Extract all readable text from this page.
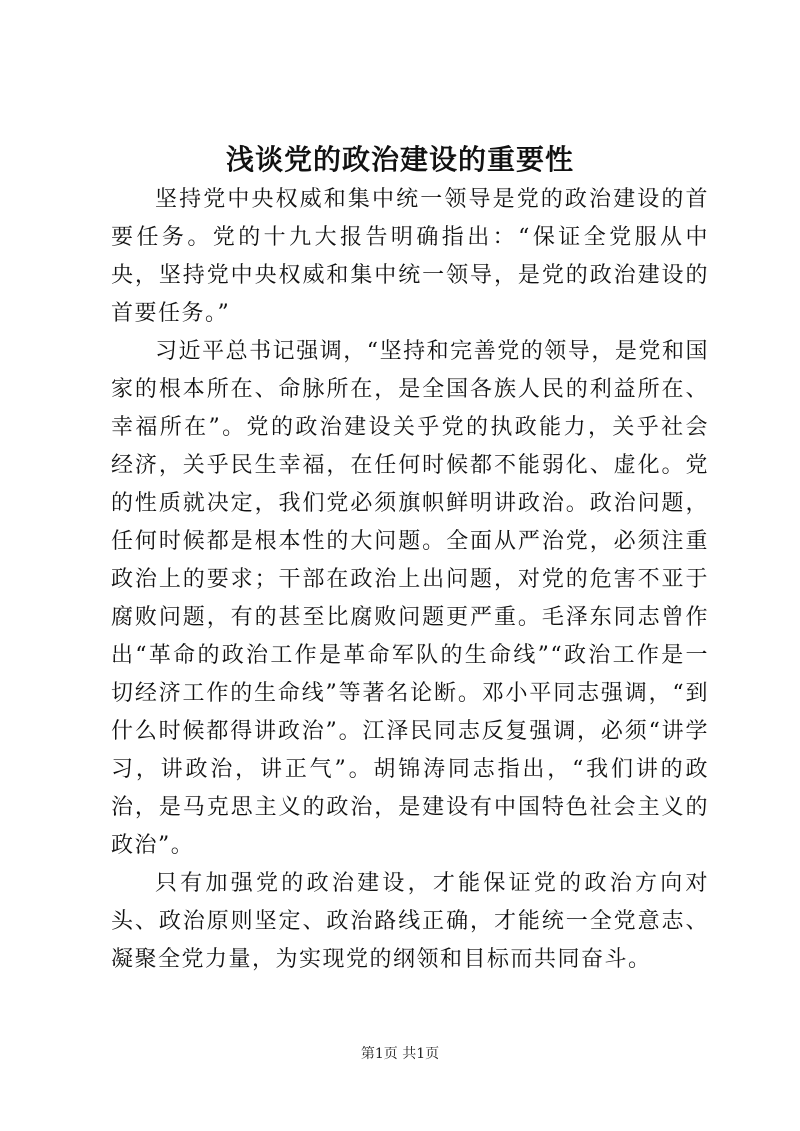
浅谈党的政治建设的重要性

坚持党中央权威和集中统一领导是党的政治建设的首要任务。党的十九大报告明确指出：“保证全党服从中央，坚持党中央权威和集中统一领导，是党的政治建设的首要任务。”

习近平总书记强调，“坚持和完善党的领导，是党和国家的根本所在、命脉所在，是全国各族人民的利益所在、幸福所在”。党的政治建设关乎党的执政能力，关乎社会经济，关乎民生幸福，在任何时候都不能弱化、虚化。党的性质就决定，我们党必须旗帜鲜明讲政治。政治问题，任何时候都是根本性的大问题。全面从严治党，必须注重政治上的要求；干部在政治上出问题，对党的危害不亚于腐败问题，有的甚至比腐败问题更严重。毛泽东同志曾作出“革命的政治工作是革命军队的生命线”“政治工作是一切经济工作的生命线”等著名论断。邓小平同志强调，“到什么时候都得讲政治”。江泽民同志反复强调，必须“讲学习，讲政治，讲正气”。胡锦涛同志指出，“我们讲的政治，是马克思主义的政治，是建设有中国特色社会主义的政治”。

只有加强党的政治建设，才能保证党的政治方向对头、政治原则坚定、政治路线正确，才能统一全党意志、凝聚全党力量，为实现党的纲领和目标而共同奋斗。

第1页 共1页
